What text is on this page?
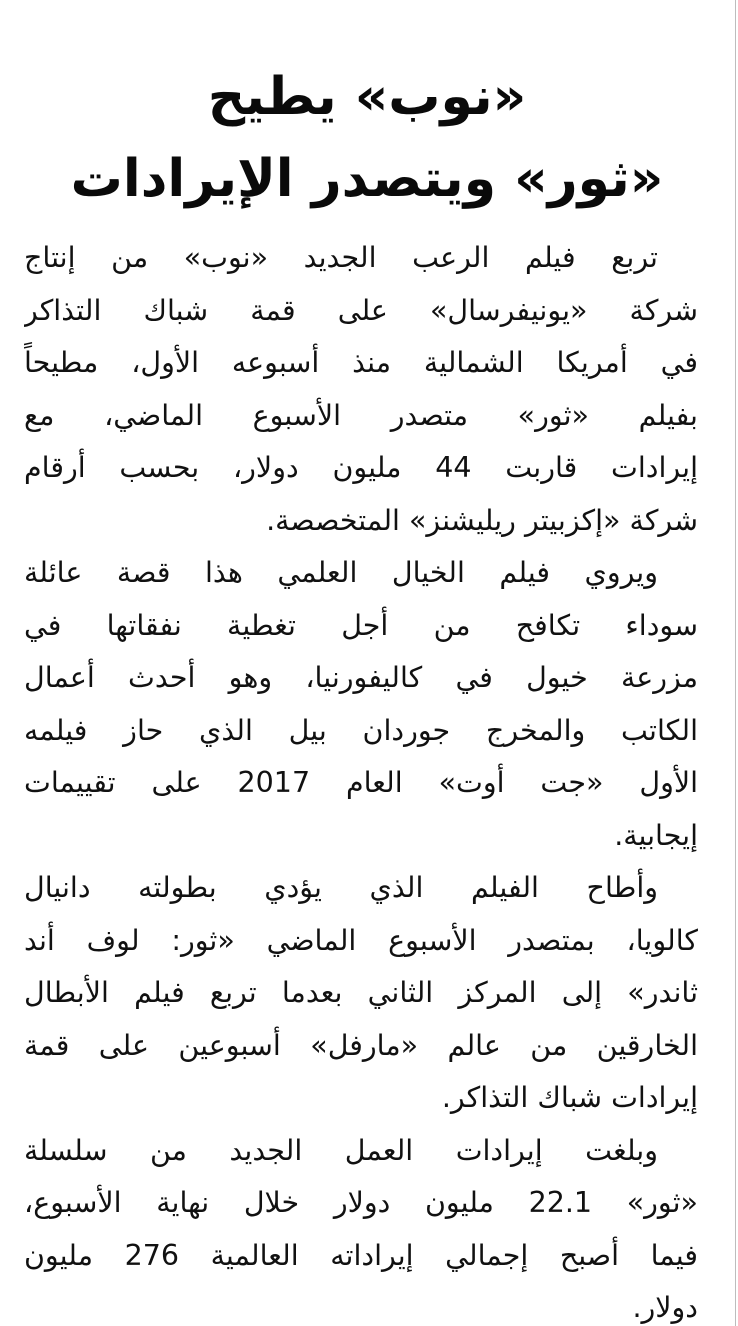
«نوب» يطيح
«ثور» ويتصدر الإيرادات
تربع فيلم الرعب الجديد «نوب» من إنتاج
شركة «يونيفرسال» على قمة شباك التذاكر
في أمريكا الشمالية منذ أسبوعه الأول، مطيحاً
بفيلم «ثور» متصدر الأسبوع الماضي، مع
إيرادات قاربت 44 مليون دولار، بحسب أرقام
شركة «إكزبيتر ريليشنز» المتخصصة.
ويروي فيلم الخيال العلمي هذا قصة عائلة
سوداء تكافح من أجل تغطية نفقاتها في
مزرعة خيول في كاليفورنيا، وهو أحدث أعمال
الكاتب والمخرج جوردان بيل الذي حاز فيلمه
الأول «جت أوت» العام 2017 على تقييمات
إيجابية.
وأطاح الفيلم الذي يؤدي بطولته دانيال
كالويا، بمتصدر الأسبوع الماضي «ثور: لوف أند
ثاندر» إلى المركز الثاني بعدما تربع فيلم الأبطال
الخارقين من عالم «مارفل» أسبوعين على قمة
إيرادات شباك التذاكر.
وبلغت إيرادات العمل الجديد من سلسلة
«ثور» 22.1 مليون دولار خلال نهاية الأسبوع،
فيما أصبح إجمالي إيراداته العالمية 276 مليون
دولار.
